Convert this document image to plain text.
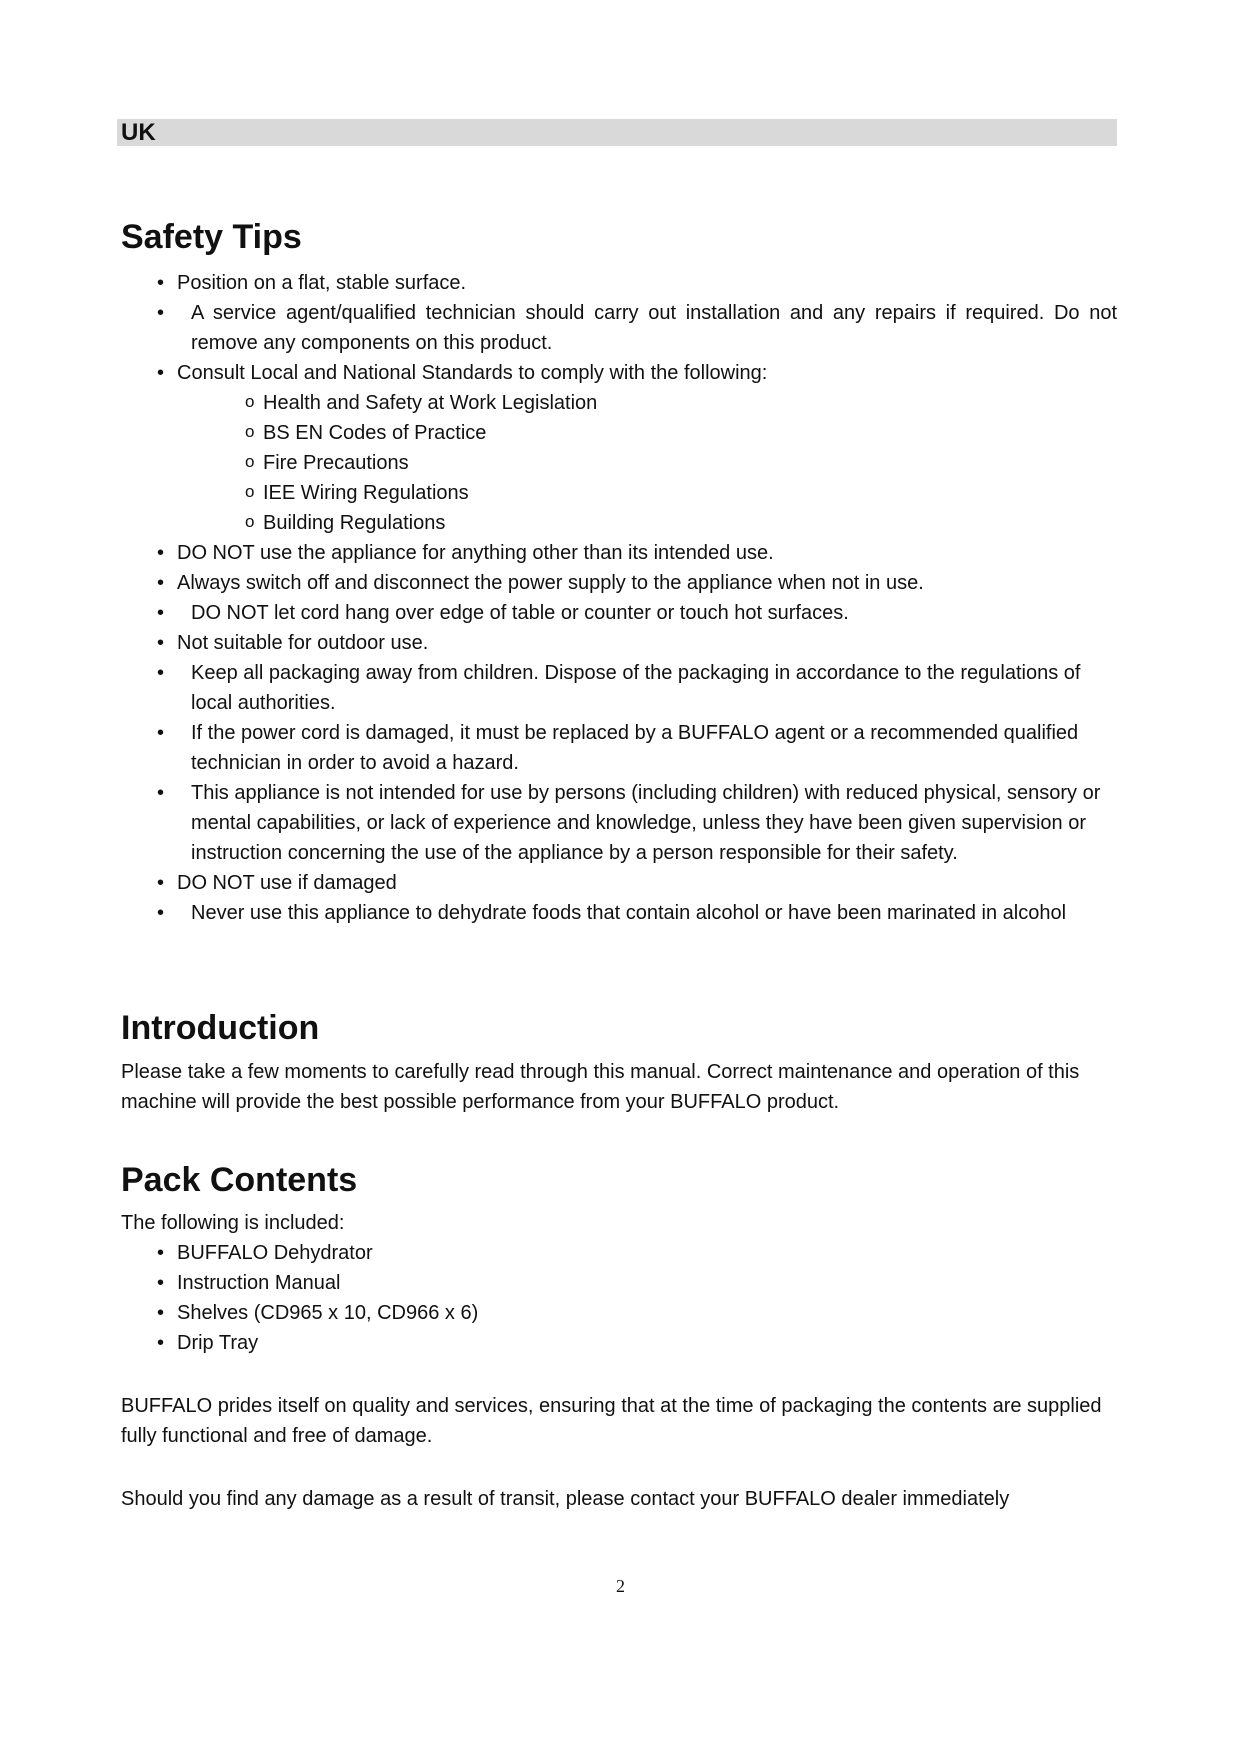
UK
Safety Tips
• Position on a flat, stable surface.
• A service agent/qualified technician should carry out installation and any repairs if required. Do not remove any components on this product.
• Consult Local and National Standards to comply with the following:
o Health and Safety at Work Legislation
o BS EN Codes of Practice
o Fire Precautions
o IEE Wiring Regulations
o Building Regulations
• DO NOT use the appliance for anything other than its intended use.
• Always switch off and disconnect the power supply to the appliance when not in use.
• DO NOT let cord hang over edge of table or counter or touch hot surfaces.
• Not suitable for outdoor use.
• Keep all packaging away from children. Dispose of the packaging in accordance to the regulations of local authorities.
• If the power cord is damaged, it must be replaced by a BUFFALO agent or a recommended qualified technician in order to avoid a hazard.
• This appliance is not intended for use by persons (including children) with reduced physical, sensory or mental capabilities, or lack of experience and knowledge, unless they have been given supervision or instruction concerning the use of the appliance by a person responsible for their safety.
• DO NOT use if damaged
• Never use this appliance to dehydrate foods that contain alcohol or have been marinated in alcohol
Introduction

Please take a few moments to carefully read through this manual. Correct maintenance and operation of this machine will provide the best possible performance from your BUFFALO product.

Pack Contents

The following is included:

• BUFFALO Dehydrator
• Instruction Manual
• Shelves (CD965 x 10, CD966 x 6)
• Drip Tray

BUFFALO prides itself on quality and services, ensuring that at the time of packaging the contents are supplied fully functional and free of damage.

Should you find any damage as a result of transit, please contact your BUFFALO dealer immediately

2
